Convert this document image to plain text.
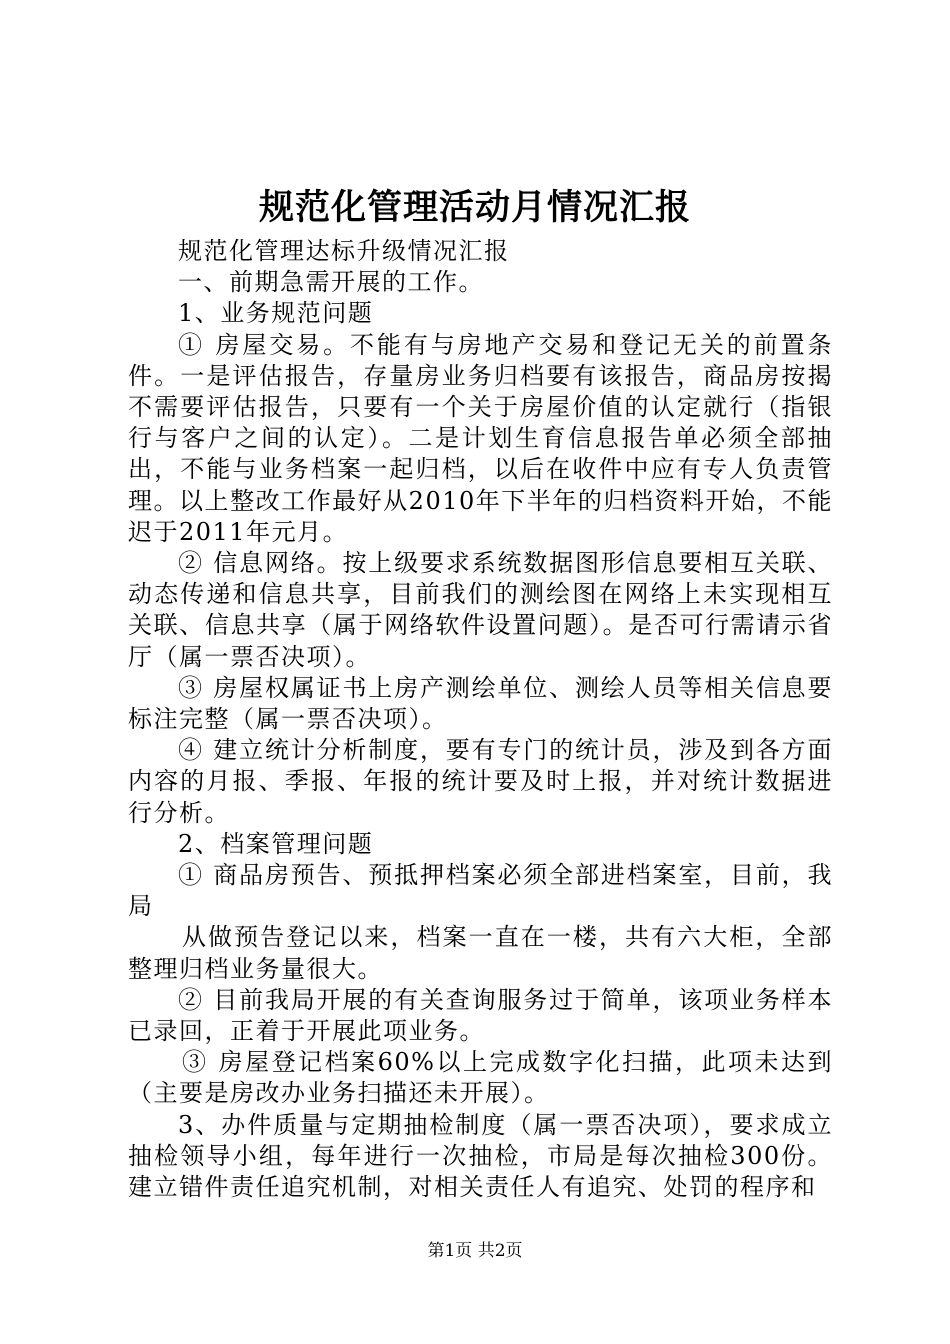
规范化管理活动月情况汇报

规范化管理达标升级情况汇报

一、前期急需开展的工作。

1、业务规范问题

① 房屋交易。不能有与房地产交易和登记无关的前置条件。一是评估报告，存量房业务归档要有该报告，商品房按揭不需要评估报告，只要有一个关于房屋价值的认定就行（指银行与客户之间的认定）。二是计划生育信息报告单必须全部抽出，不能与业务档案一起归档，以后在收件中应有专人负责管理。以上整改工作最好从2010年下半年的归档资料开始，不能迟于2011年元月。

② 信息网络。按上级要求系统数据图形信息要相互关联、动态传递和信息共享，目前我们的测绘图在网络上未实现相互关联、信息共享（属于网络软件设置问题）。是否可行需请示省厅（属一票否决项）。

③ 房屋权属证书上房产测绘单位、测绘人员等相关信息要标注完整（属一票否决项）。

④ 建立统计分析制度，要有专门的统计员，涉及到各方面内容的月报、季报、年报的统计要及时上报，并对统计数据进行分析。

2、档案管理问题

① 商品房预告、预抵押档案必须全部进档案室，目前，我局

从做预告登记以来，档案一直在一楼，共有六大柜，全部整理归档业务量很大。

② 目前我局开展的有关查询服务过于简单，该项业务样本已录回，正着于开展此项业务。

③ 房屋登记档案60%以上完成数字化扫描，此项未达到（主要是房改办业务扫描还未开展）。

3、办件质量与定期抽检制度（属一票否决项），要求成立抽检领导小组，每年进行一次抽检，市局是每次抽检300份。建立错件责任追究机制，对相关责任人有追究、处罚的程序和

第1页 共2页
